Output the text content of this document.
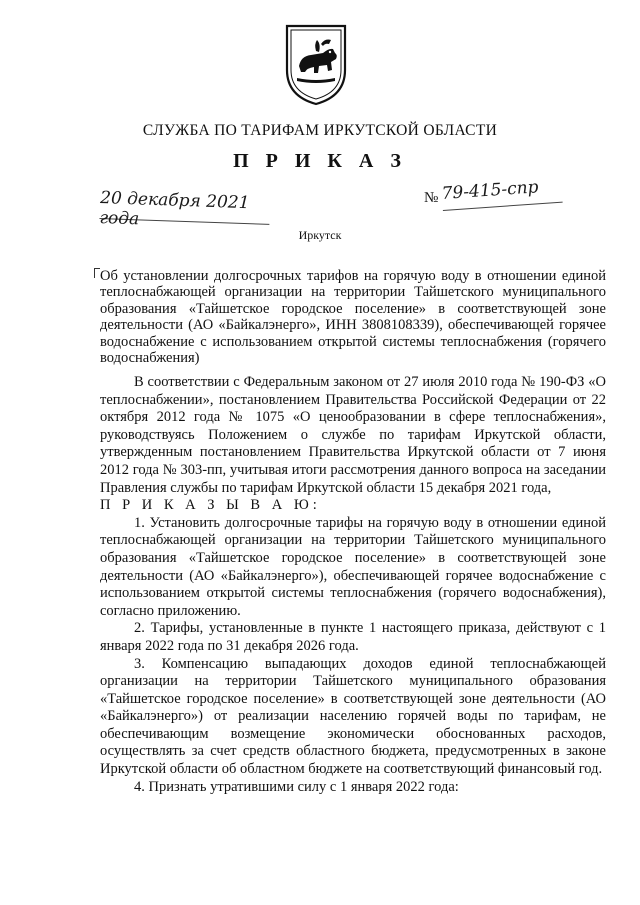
СЛУЖБА ПО ТАРИФАМ ИРКУТСКОЙ ОБЛАСТИ
П Р И К А З
20 декабря 2021 года
№ 79-415-спр
Иркутск
Об установлении долгосрочных тарифов на горячую воду в отношении единой теплоснабжающей организации на территории Тайшетского муниципального образования «Тайшетское городское поселение» в соответствующей зоне деятельности (АО «Байкалэнерго», ИНН 3808108339), обеспечивающей горячее водоснабжение с использованием открытой системы теплоснабжения (горячего водоснабжения)

В соответствии с Федеральным законом от 27 июля 2010 года № 190-ФЗ «О теплоснабжении», постановлением Правительства Российской Федерации от 22 октября 2012 года № 1075 «О ценообразовании в сфере теплоснабжения», руководствуясь Положением о службе по тарифам Иркутской области, утвержденным постановлением Правительства Иркутской области от 7 июня 2012 года № 303-пп, учитывая итоги рассмотрения данного вопроса на заседании Правления службы по тарифам Иркутской области 15 декабря 2021 года,

П Р И К А З Ы В А Ю:

1. Установить долгосрочные тарифы на горячую воду в отношении единой теплоснабжающей организации на территории Тайшетского муниципального образования «Тайшетское городское поселение» в соответствующей зоне деятельности (АО «Байкалэнерго»), обеспечивающей горячее водоснабжение с использованием открытой системы теплоснабжения (горячего водоснабжения), согласно приложению.

2. Тарифы, установленные в пункте 1 настоящего приказа, действуют с 1 января 2022 года по 31 декабря 2026 года.

3. Компенсацию выпадающих доходов единой теплоснабжающей организации на территории Тайшетского муниципального образования «Тайшетское городское поселение» в соответствующей зоне деятельности (АО «Байкалэнерго») от реализации населению горячей воды по тарифам, не обеспечивающим возмещение экономически обоснованных расходов, осуществлять за счет средств областного бюджета, предусмотренных в законе Иркутской области об областном бюджете на соответствующий финансовый год.

4. Признать утратившими силу с 1 января 2022 года:
